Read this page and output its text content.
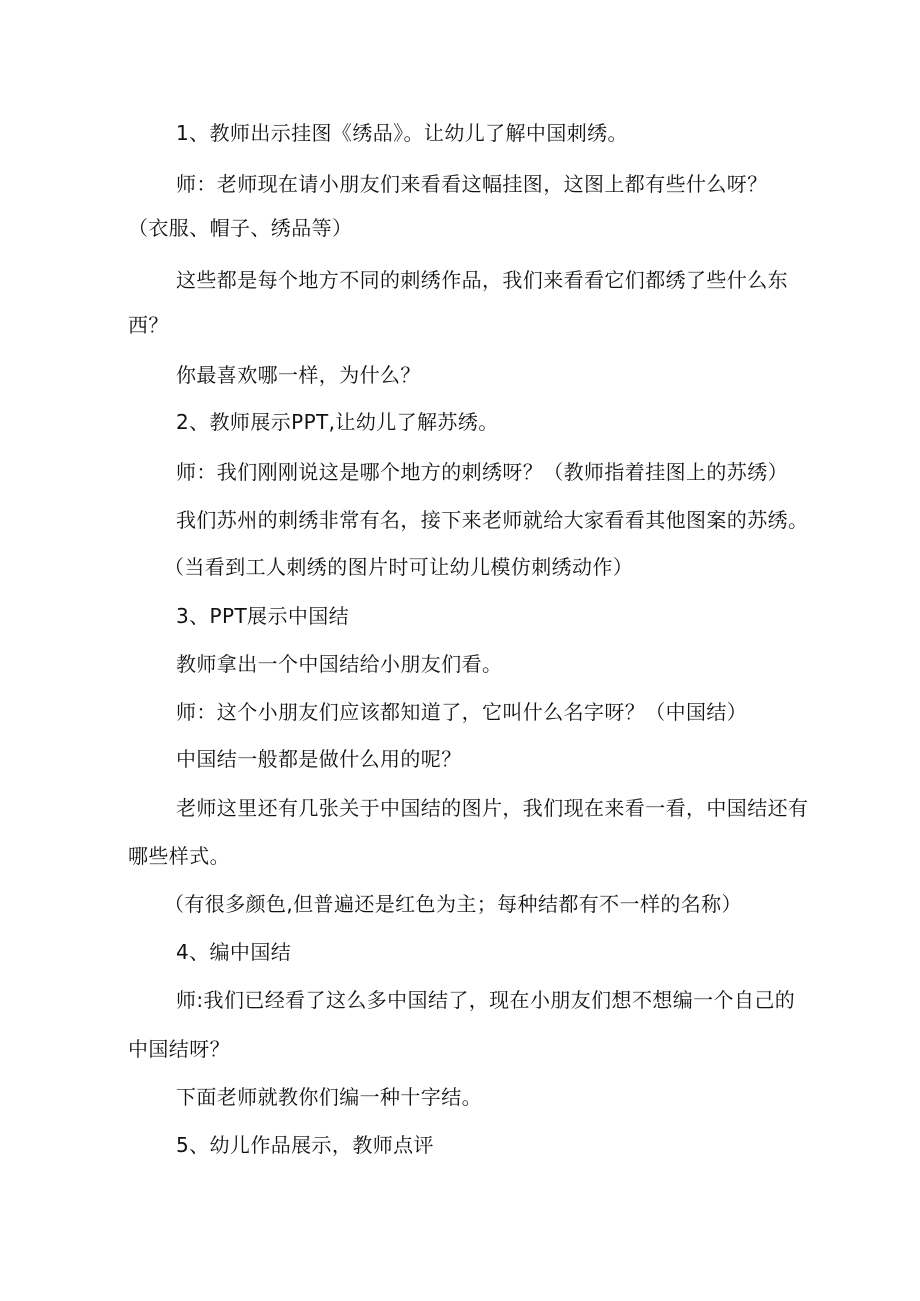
1、教师出示挂图《绣品》。让幼儿了解中国刺绣。

师：老师现在请小朋友们来看看这幅挂图，这图上都有些什么呀？

（衣服、帽子、绣品等）

这些都是每个地方不同的刺绣作品，我们来看看它们都绣了些什么东

西？

你最喜欢哪一样，为什么？

2、教师展示PPT,让幼儿了解苏绣。

师：我们刚刚说这是哪个地方的刺绣呀？（教师指着挂图上的苏绣）

我们苏州的刺绣非常有名，接下来老师就给大家看看其他图案的苏绣。

（当看到工人刺绣的图片时可让幼儿模仿刺绣动作）

3、PPT展示中国结

教师拿出一个中国结给小朋友们看。

师：这个小朋友们应该都知道了，它叫什么名字呀？（中国结）

中国结一般都是做什么用的呢？

老师这里还有几张关于中国结的图片，我们现在来看一看，中国结还有

哪些样式。

（有很多颜色,但普遍还是红色为主；每种结都有不一样的名称）

4、编中国结

师:我们已经看了这么多中国结了，现在小朋友们想不想编一个自己的

中国结呀？

下面老师就教你们编一种十字结。

5、幼儿作品展示，教师点评
